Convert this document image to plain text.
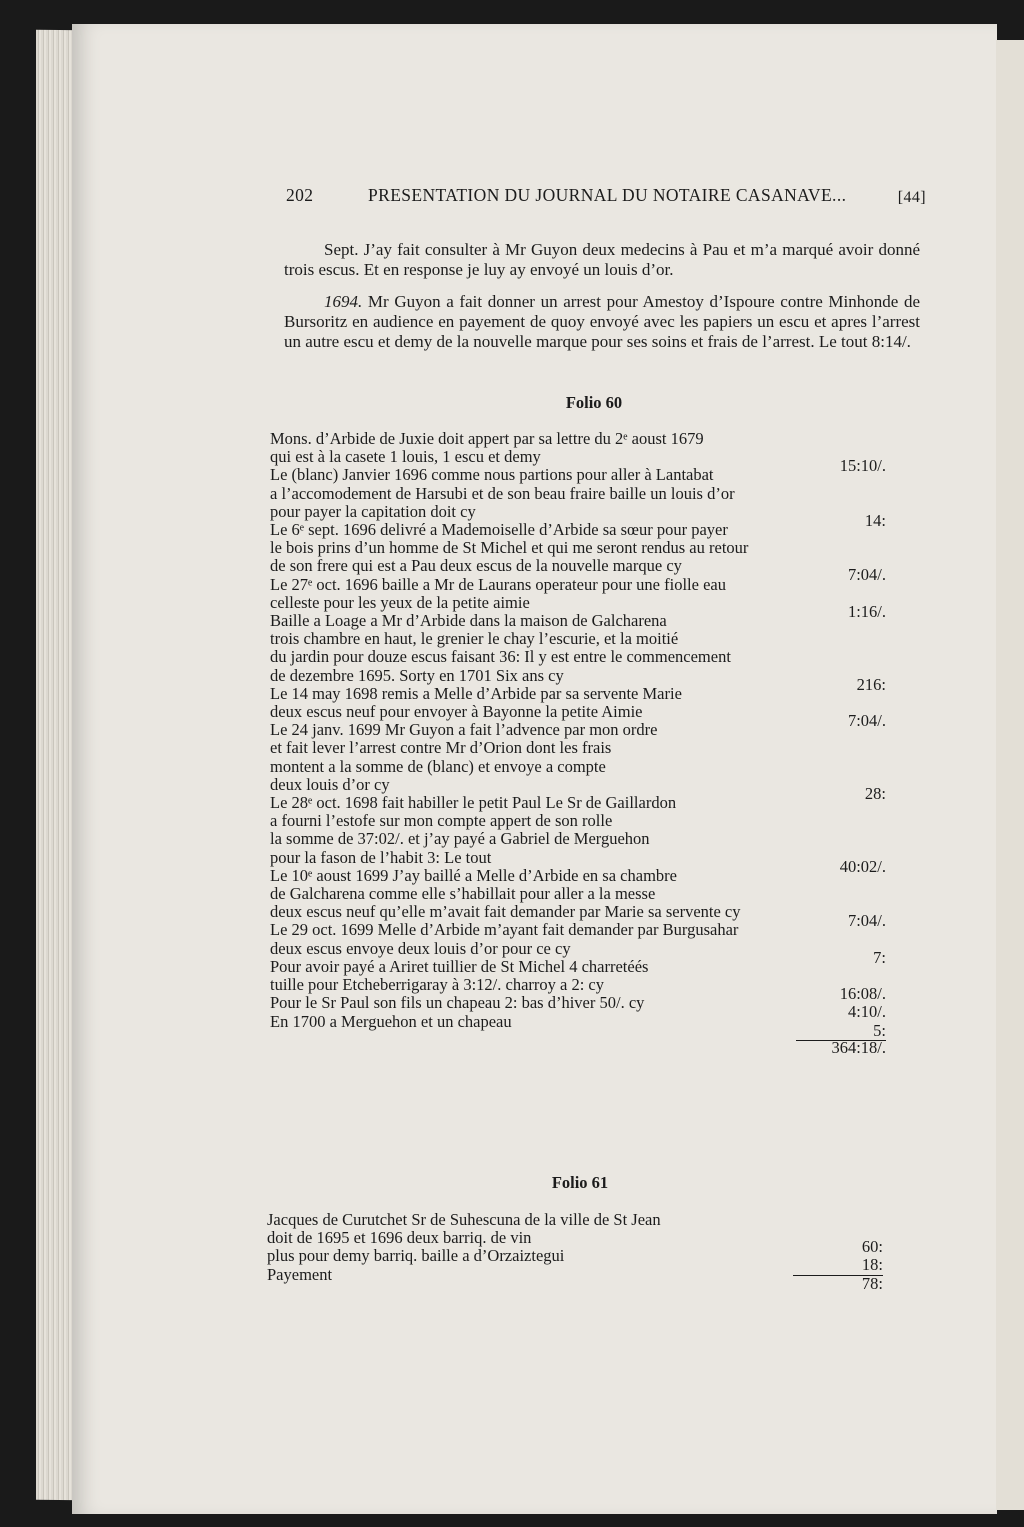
202	PRESENTATION DU JOURNAL DU NOTAIRE CASANAVE...	[44]

Sept. J’ay fait consulter à Mr Guyon deux medecins à Pau et m’a marqué avoir donné trois escus. Et en response je luy ay envoyé un louis d’or.

1694. Mr Guyon a fait donner un arrest pour Amestoy d’Ispoure contre Minhonde de Bursoritz en audience en payement de quoy envoyé avec les papiers un escu et apres l’arrest un autre escu et demy de la nouvelle marque pour ses soins et frais de l’arrest. Le tout 8:14/.

Folio 60
Mons. d’Arbide de Juxie doit appert par sa lettre du 2ᵉ aoust 1679
qui est à la casete 1 louis, 1 escu et demy	15:10/.
Le (blanc) Janvier 1696 comme nous partions pour aller à Lantabat
a l’accomodement de Harsubi et de son beau fraire baille un louis d’or
pour payer la capitation doit cy	14:
Le 6ᵉ sept. 1696 delivré a Mademoiselle d’Arbide sa sœur pour payer
le bois prins d’un homme de St Michel et qui me seront rendus au retour
de son frere qui est a Pau deux escus de la nouvelle marque cy	7:04/.
Le 27ᵉ oct. 1696 baille a Mr de Laurans operateur pour une fiolle eau
celleste pour les yeux de la petite aimie	1:16/.
Baille a Loage a Mr d’Arbide dans la maison de Galcharena
trois chambre en haut, le grenier le chay l’escurie, et la moitié
du jardin pour douze escus faisant 36: Il y est entre le commencement
de dezembre 1695. Sorty en 1701 Six ans cy	216:
Le 14 may 1698 remis a Melle d’Arbide par sa servente Marie
deux escus neuf pour envoyer à Bayonne la petite Aimie	7:04/.
Le 24 janv. 1699 Mr Guyon a fait l’advence par mon ordre
et fait lever l’arrest contre Mr d’Orion dont les frais
montent a la somme de (blanc) et envoye a compte
deux louis d’or cy	28:
Le 28ᵉ oct. 1698 fait habiller le petit Paul Le Sr de Gaillardon
a fourni l’estofe sur mon compte appert de son rolle
la somme de 37:02/. et j’ay payé a Gabriel de Merguehon
pour la fason de l’habit 3: Le tout	40:02/.
Le 10ᵉ aoust 1699 J’ay baillé a Melle d’Arbide en sa chambre
de Galcharena comme elle s’habillait pour aller a la messe
deux escus neuf qu’elle m’avait fait demander par Marie sa servente cy	7:04/.
Le 29 oct. 1699 Melle d’Arbide m’ayant fait demander par Burgusahar
deux escus envoye deux louis d’or pour ce cy	7:
Pour avoir payé a Ariret tuillier de St Michel 4 charretéés
tuille pour Etcheberrigaray à 3:12/. charroy a 2: cy	16:08/.
Pour le Sr Paul son fils un chapeau 2: bas d’hiver 50/. cy	4:10/.
En 1700 a Merguehon et un chapeau	5:
364:18/.
Folio 61
Jacques de Curutchet Sr de Suhescuna de la ville de St Jean
doit de 1695 et 1696 deux barriq. de vin	60:
plus pour demy barriq. baille a d’Orzaiztegui	18:
Payement	78:
